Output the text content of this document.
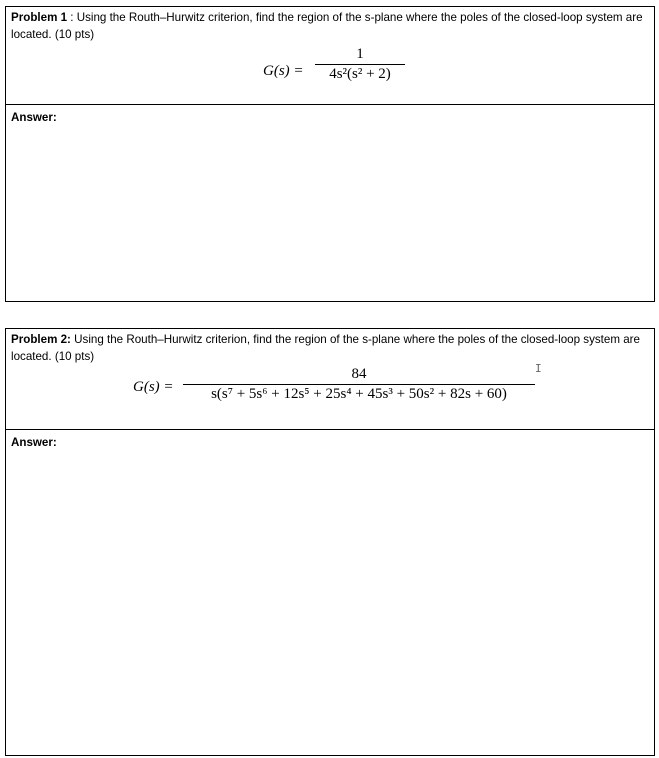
Problem 1 : Using the Routh–Hurwitz criterion, find the region of the s-plane where the poles of the closed-loop system are located. (10 pts)
G(s) =
1
4s²(s² + 2)
Answer:
Problem 2: Using the Routh–Hurwitz criterion, find the region of the s-plane where the poles of the closed-loop system are located. (10 pts)
G(s) =
84
s(s⁷ + 5s⁶ + 12s⁵ + 25s⁴ + 45s³ + 50s² + 82s + 60)
I
Answer:
